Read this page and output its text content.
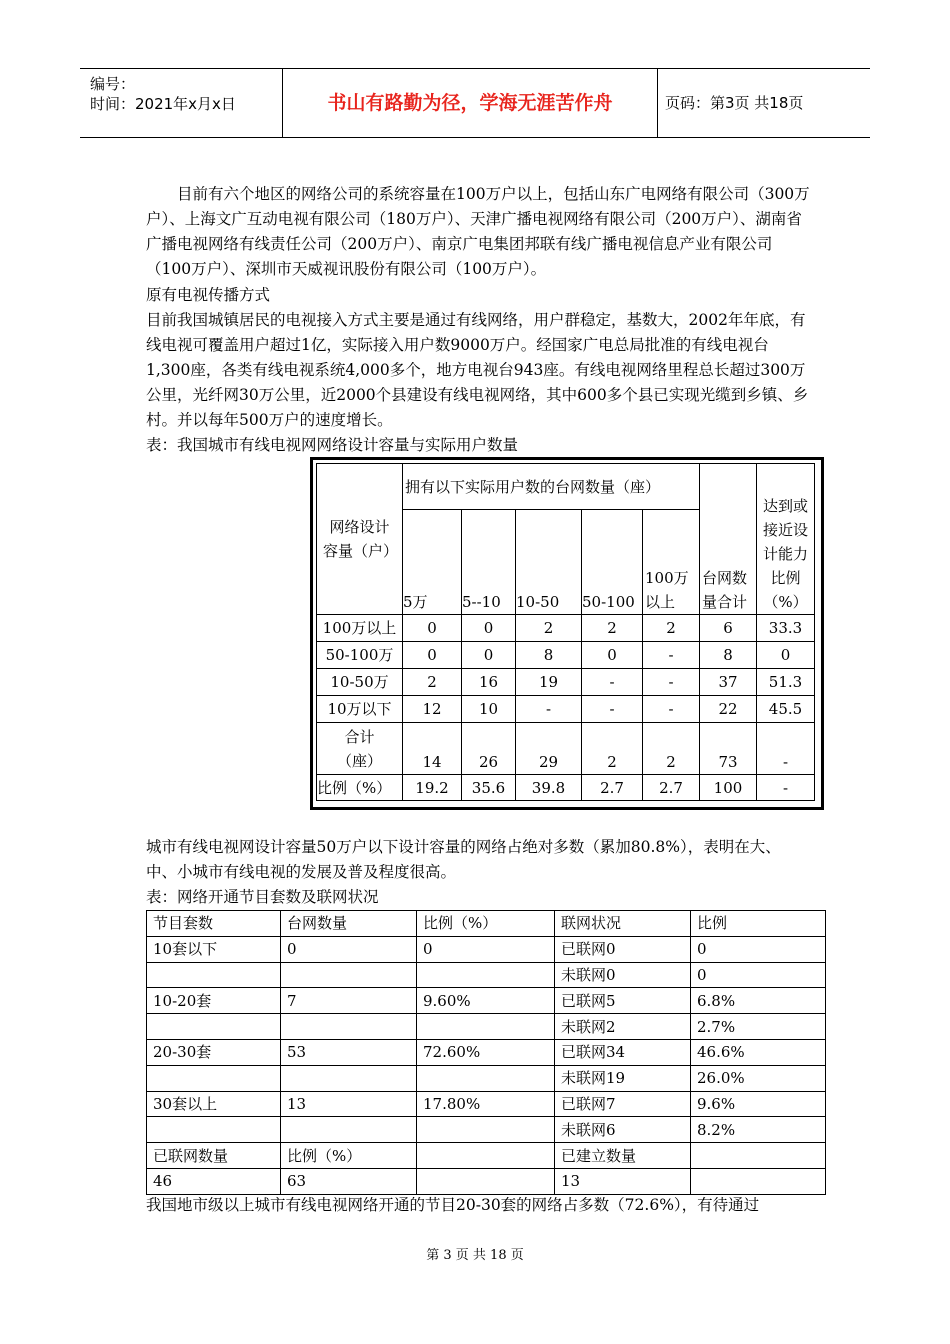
编号：
时间：2021年x月x日	书山有路勤为径，学海无涯苦作舟	页码：第3页 共18页
目前有六个地区的网络公司的系统容量在100万户以上，包括山东广电网络有限公司（300万户）、上海文广互动电视有限公司（180万户）、天津广播电视网络有限公司（200万户）、湖南省广播电视网络有线责任公司（200万户）、南京广电集团邦联有线广播电视信息产业有限公司（100万户）、深圳市天威视讯股份有限公司（100万户）。
原有电视传播方式
目前我国城镇居民的电视接入方式主要是通过有线网络，用户群稳定，基数大，2002年年底，有线电视可覆盖用户超过1亿，实际接入用户数9000万户。经国家广电总局批准的有线电视台1,300座，各类有线电视系统4,000多个，地方电视台943座。有线电视网络里程总长超过300万公里，光纤网30万公里，近2000个县建设有线电视网络，其中600多个县已实现光缆到乡镇、乡村。并以每年500万户的速度增长。
表：我国城市有线电视网网络设计容量与实际用户数量
网络设计容量（户）	拥有以下实际用户数的台网数量（座）					台网数量合计	达到或接近设计能力比例（%）
	5万	5--10	10-50	50-100	100万以上		
100万以上	0	0	2	2	2	6	33.3
50-100万	0	0	8	0	-	8	0
10-50万	2	16	19	-	-	37	51.3
10万以下	12	10	-	-	-	22	45.5
合计（座）	14	26	29	2	2	73	-
比例（%）	19.2	35.6	39.8	2.7	2.7	100	-
城市有线电视网设计容量50万户以下设计容量的网络占绝对多数（累加80.8%），表明在大、中、小城市有线电视的发展及普及程度很高。
表：网络开通节目套数及联网状况
节目套数	台网数量	比例（%）	联网状况	比例
10套以下	0	0	已联网0	0
			未联网0	0
10-20套	7	9.60%	已联网5	6.8%
			未联网2	2.7%
20-30套	53	72.60%	已联网34	46.6%
			未联网19	26.0%
30套以上	13	17.80%	已联网7	9.6%
			未联网6	8.2%
已联网数量	比例（%）		已建立数量	
46	63		13	
我国地市级以上城市有线电视网络开通的节目20-30套的网络占多数（72.6%），有待通过
第 3 页 共 18 页
